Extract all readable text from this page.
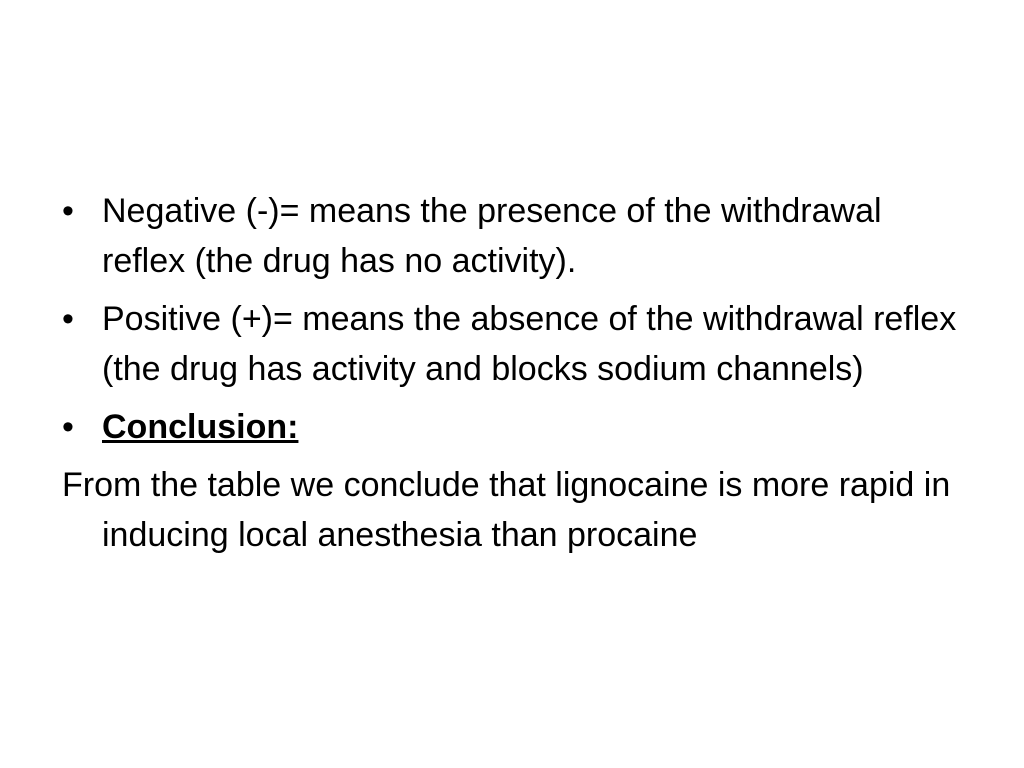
• Negative (-)= means the presence of the withdrawal reflex (the drug has no activity).
• Positive (+)= means the absence of the withdrawal reflex (the drug has activity and blocks sodium channels)
• Conclusion:
From the table we conclude that lignocaine is more rapid in inducing local anesthesia than procaine
